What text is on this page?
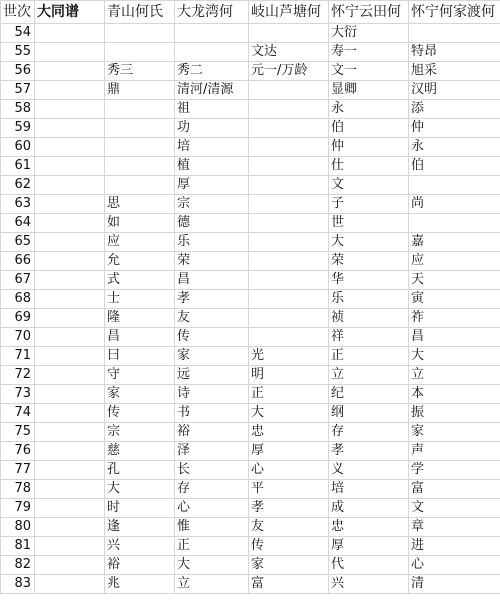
世次	大同谱	青山何氏	大龙湾何	岐山芦塘何	怀宁云田何	怀宁何家渡何
54					大衍	
55				文达	寿一	特昂
56		秀三	秀二	元一/万龄	文一	旭采
57		鼎	清河/清源		显卿	汉明
58			祖		永	添
59			功		伯	仲
60			培		仲	永
61			植		仕	伯
62			厚		文	
63		思	宗		子	尚
64		如	德		世	
65		应	乐		大	嘉
66		允	荣		荣	应
67		式	昌		华	天
68		士	孝		乐	寅
69		隆	友		祯	祚
70		昌	传		祥	昌
71		曰	家	光	正	大
72		守	远	明	立	立
73		家	诗	正	纪	本
74		传	书	大	纲	振
75		宗	裕	忠	存	家
76		慈	泽	厚	孝	声
77		孔	长	心	义	学
78		大	存	平	培	富
79		时	心	孝	成	文
80		逢	惟	友	忠	章
81		兴	正	传	厚	进
82		裕	大	家	代	心
83		兆	立	富	兴	清
